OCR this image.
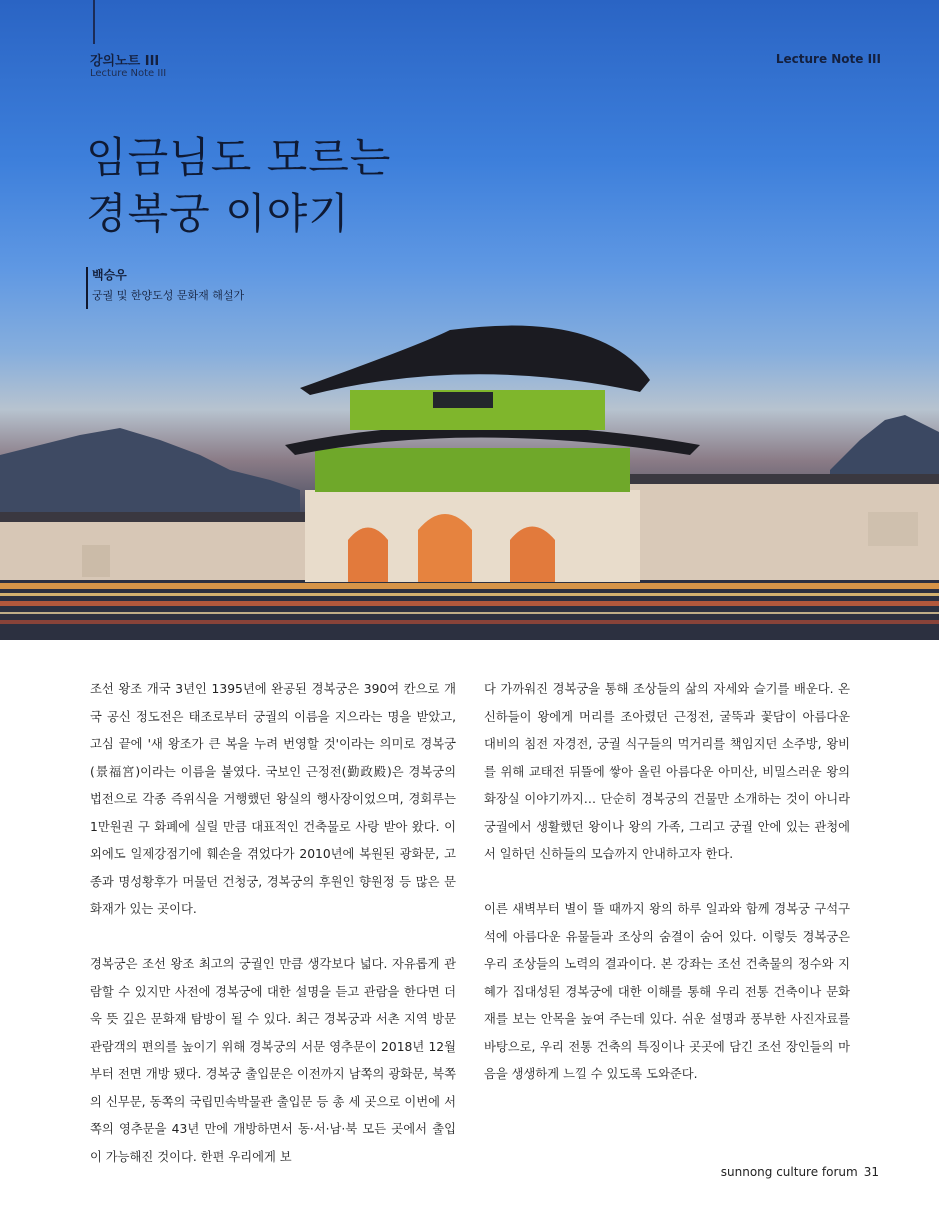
강의노트 III
Lecture Note III
Lecture Note III
임금님도 모르는
경복궁 이야기
백승우
궁궐 및 한양도성 문화재 해설가

조선 왕조 개국 3년인 1395년에 완공된 경복궁은 390여 칸으로 개국 공신 정도전은 태조로부터 궁궐의 이름을 지으라는 명을 받았고, 고심 끝에 '새 왕조가 큰 복을 누려 번영할 것'이라는 의미로 경복궁(景福宮)이라는 이름을 붙였다. 국보인 근정전(勤政殿)은 경복궁의 법전으로 각종 즉위식을 거행했던 왕실의 행사장이었으며, 경회루는 1만원권 구 화폐에 실릴 만큼 대표적인 건축물로 사랑 받아 왔다. 이 외에도 일제강점기에 훼손을 겪었다가 2010년에 복원된 광화문, 고종과 명성황후가 머물던 건청궁, 경복궁의 후원인 향원정 등 많은 문화재가 있는 곳이다.

경복궁은 조선 왕조 최고의 궁궐인 만큼 생각보다 넓다. 자유롭게 관람할 수 있지만 사전에 경복궁에 대한 설명을 듣고 관람을 한다면 더욱 뜻 깊은 문화재 탐방이 될 수 있다. 최근 경복궁과 서촌 지역 방문 관람객의 편의를 높이기 위해 경복궁의 서문 영추문이 2018년 12월부터 전면 개방 됐다. 경복궁 출입문은 이전까지 남쪽의 광화문, 북쪽의 신무문, 동쪽의 국립민속박물관 출입문 등 총 세 곳으로 이번에 서쪽의 영추문을 43년 만에 개방하면서 동·서·남·북 모든 곳에서 출입이 가능해진 것이다. 한편 우리에게 보

다 가까워진 경복궁을 통해 조상들의 삶의 자세와 슬기를 배운다. 온 신하들이 왕에게 머리를 조아렸던 근정전, 굴뚝과 꽃담이 아름다운 대비의 침전 자경전, 궁궐 식구들의 먹거리를 책임지던 소주방, 왕비를 위해 교태전 뒤뜰에 쌓아 올린 아름다운 아미산, 비밀스러운 왕의 화장실 이야기까지… 단순히 경복궁의 건물만 소개하는 것이 아니라 궁궐에서 생활했던 왕이나 왕의 가족, 그리고 궁궐 안에 있는 관청에서 일하던 신하들의 모습까지 안내하고자 한다.

이른 새벽부터 별이 뜰 때까지 왕의 하루 일과와 함께 경복궁 구석구석에 아름다운 유물들과 조상의 숨결이 숨어 있다. 이렇듯 경복궁은 우리 조상들의 노력의 결과이다. 본 강좌는 조선 건축물의 정수와 지혜가 집대성된 경복궁에 대한 이해를 통해 우리 전통 건축이나 문화재를 보는 안목을 높여 주는데 있다. 쉬운 설명과 풍부한 사진자료를 바탕으로, 우리 전통 건축의 특징이나 곳곳에 담긴 조선 장인들의 마음을 생생하게 느낄 수 있도록 도와준다.

sunnong culture forum 31
